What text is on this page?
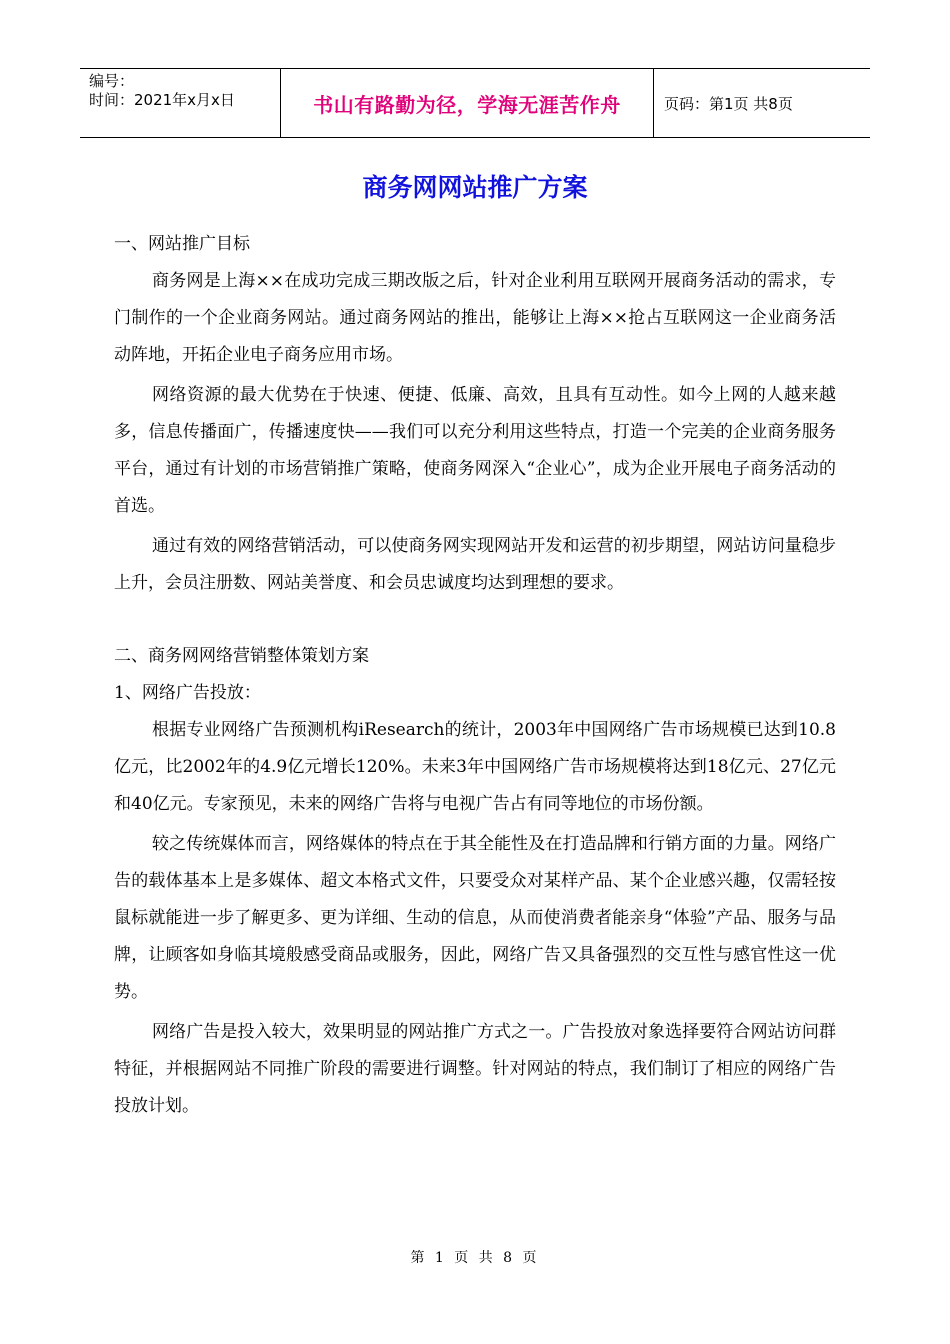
编号：
时间：2021年x月x日	书山有路勤为径，学海无涯苦作舟	页码：第1页 共8页
商务网网站推广方案
一、网站推广目标
商务网是上海××在成功完成三期改版之后，针对企业利用互联网开展商务活动的需求，专门制作的一个企业商务网站。通过商务网站的推出，能够让上海××抢占互联网这一企业商务活动阵地，开拓企业电子商务应用市场。
网络资源的最大优势在于快速、便捷、低廉、高效，且具有互动性。如今上网的人越来越多，信息传播面广，传播速度快——我们可以充分利用这些特点，打造一个完美的企业商务服务平台，通过有计划的市场营销推广策略，使商务网深入“企业心”，成为企业开展电子商务活动的首选。
通过有效的网络营销活动，可以使商务网实现网站开发和运营的初步期望，网站访问量稳步上升，会员注册数、网站美誉度、和会员忠诚度均达到理想的要求。
二、商务网网络营销整体策划方案
1、网络广告投放：
根据专业网络广告预测机构iResearch的统计，2003年中国网络广告市场规模已达到10.8亿元，比2002年的4.9亿元增长120%。未来3年中国网络广告市场规模将达到18亿元、27亿元和40亿元。专家预见，未来的网络广告将与电视广告占有同等地位的市场份额。
较之传统媒体而言，网络媒体的特点在于其全能性及在打造品牌和行销方面的力量。网络广告的载体基本上是多媒体、超文本格式文件，只要受众对某样产品、某个企业感兴趣，仅需轻按鼠标就能进一步了解更多、更为详细、生动的信息，从而使消费者能亲身“体验”产品、服务与品牌，让顾客如身临其境般感受商品或服务，因此，网络广告又具备强烈的交互性与感官性这一优势。
网络广告是投入较大，效果明显的网站推广方式之一。广告投放对象选择要符合网站访问群特征，并根据网站不同推广阶段的需要进行调整。针对网站的特点，我们制订了相应的网络广告投放计划。
第 1 页 共 8 页
